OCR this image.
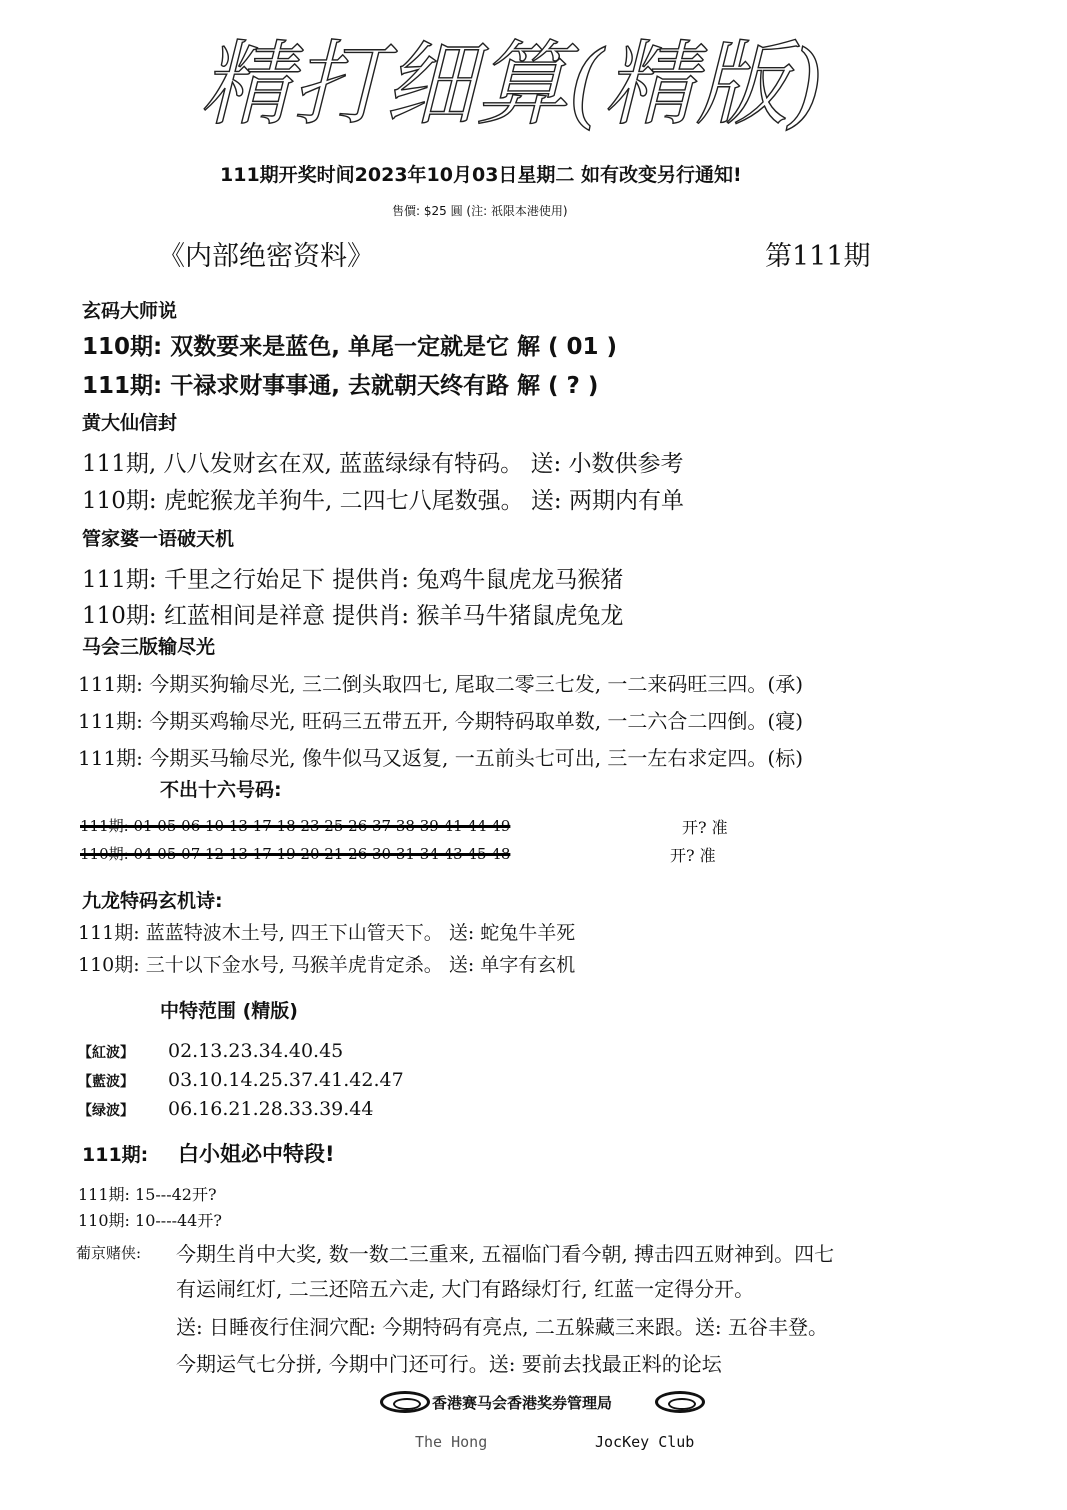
精打细算(精版)
111期开奖时间2023年10月03日星期二 如有改变另行通知!
售價: $25 圓 (注: 祇限本港使用)
《内部绝密资料》	第111期
玄码大师说
110期: 双数要来是蓝色, 单尾一定就是它 解 ( 01 )
111期: 干禄求财事事通, 去就朝天终有路 解 ( ? )
黄大仙信封
111期, 八八发财玄在双, 蓝蓝绿绿有特码。 送: 小数供参考
110期: 虎蛇猴龙羊狗牛, 二四七八尾数强。 送: 两期内有单
管家婆一语破天机
111期: 千里之行始足下 提供肖: 兔鸡牛鼠虎龙马猴猪
110期: 红蓝相间是祥意 提供肖: 猴羊马牛猪鼠虎兔龙
马会三版输尽光
111期: 今期买狗输尽光, 三二倒头取四七, 尾取二零三七发, 一二来码旺三四。(承)
111期: 今期买鸡输尽光, 旺码三五带五开, 今期特码取单数, 一二六合二四倒。(寝)
111期: 今期买马输尽光, 像牛似马又返复, 一五前头七可出, 三一左右求定四。(标)
不出十六号码:
111期: 01 05 06 10 13 17 18 23 25 26 37 38 39 41 44 49	开? 准
110期: 04 05 07 12 13 17 19 20 21 26 30 31 34 43 45 48	开? 准
九龙特码玄机诗:
111期: 蓝蓝特波木土号, 四王下山管天下。 送: 蛇兔牛羊死
110期: 三十以下金水号, 马猴羊虎肯定杀。 送: 单字有玄机
中特范围 (精版)
【紅波】 02.13.23.34.40.45
【藍波】 03.10.14.25.37.41.42.47
【绿波】 06.16.21.28.33.39.44
111期: 白小姐必中特段!
111期: 15---42开?
110期: 10----44开?
葡京赌侠: 今期生肖中大奖, 数一数二三重来, 五福临门看今朝, 搏击四五财神到。四七
有运闹红灯, 二三还陪五六走, 大门有路绿灯行, 红蓝一定得分开。
送: 日睡夜行住洞穴配: 今期特码有亮点, 二五躲藏三来跟。送: 五谷丰登。
今期运气七分拼, 今期中门还可行。送: 要前去找最正料的论坛
香港赛马会香港奖券管理局
The Hong	JocKey Club
